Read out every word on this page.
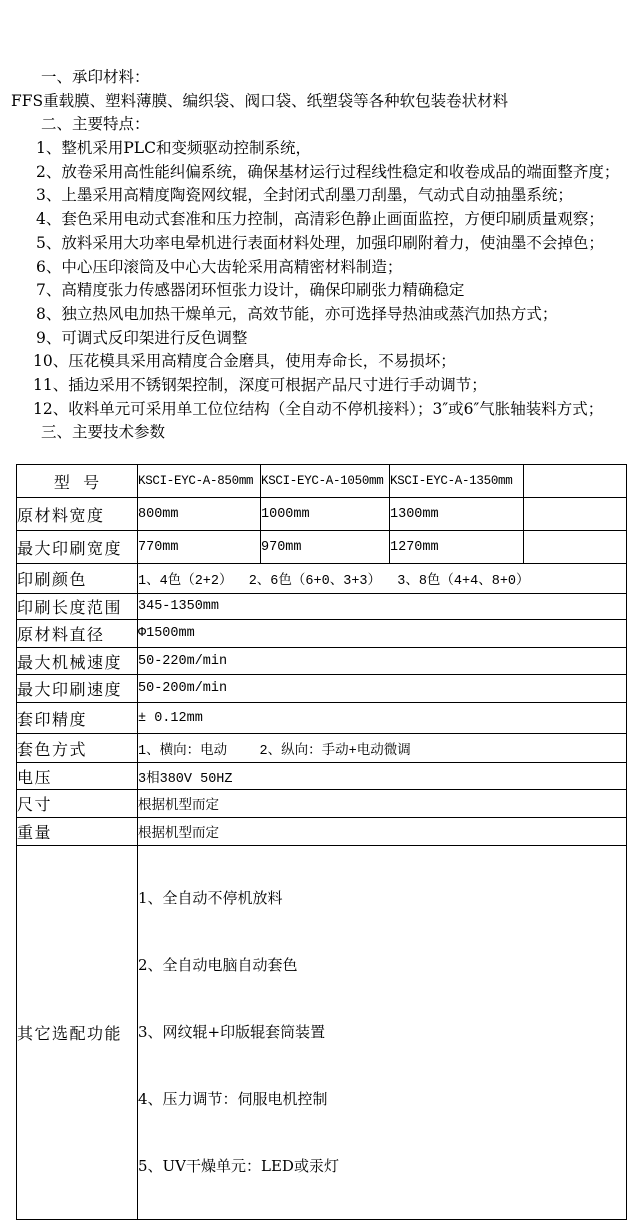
一、承印材料：
FFS重载膜、塑料薄膜、编织袋、阀口袋、纸塑袋等各种软包装卷状材料
二、主要特点：
1、整机采用PLC和变频驱动控制系统，
2、放卷采用高性能纠偏系统，确保基材运行过程线性稳定和收卷成品的端面整齐度；
3、上墨采用高精度陶瓷网纹辊，全封闭式刮墨刀刮墨，气动式自动抽墨系统；
4、套色采用电动式套准和压力控制，高清彩色静止画面监控，方便印刷质量观察；
5、放料采用大功率电晕机进行表面材料处理，加强印刷附着力，使油墨不会掉色；
6、中心压印滚筒及中心大齿轮采用高精密材料制造；
7、高精度张力传感器闭环恒张力设计，确保印刷张力精确稳定
8、独立热风电加热干燥单元，高效节能，亦可选择导热油或蒸汽加热方式；
9、可调式反印架进行反色调整
10、压花模具采用高精度合金磨具，使用寿命长，不易损坏；
11、插边采用不锈钢架控制，深度可根据产品尺寸进行手动调节；
12、收料单元可采用单工位位结构（全自动不停机接料）；3″或6″气胀轴装料方式；
三、主要技术参数
型  号	KSCI-EYC-A-850mm	KSCI-EYC-A-1050mm	KSCI-EYC-A-1350mm	
原材料宽度	800mm	1000mm	1300mm	
最大印刷宽度	770mm	970mm	1270mm	
印刷颜色	1、4色（2+2）  2、6色（6+0、3+3）  3、8色（4+4、8+0）			
印刷长度范围	345-1350mm			
原材料直径	Φ1500mm			
最大机械速度	50-220m/min			
最大印刷速度	50-200m/min			
套印精度	± 0.12mm			
套色方式	1、横向：电动    2、纵向：手动+电动微调			
电压	3相380V 50HZ			
尺寸	根据机型而定			
重量	根据机型而定			
其它选配功能	1、全自动不停机放料

2、全自动电脑自动套色

3、网纹辊+印版辊套筒装置

4、压力调节：伺服电机控制

5、UV干燥单元：LED或汞灯			
